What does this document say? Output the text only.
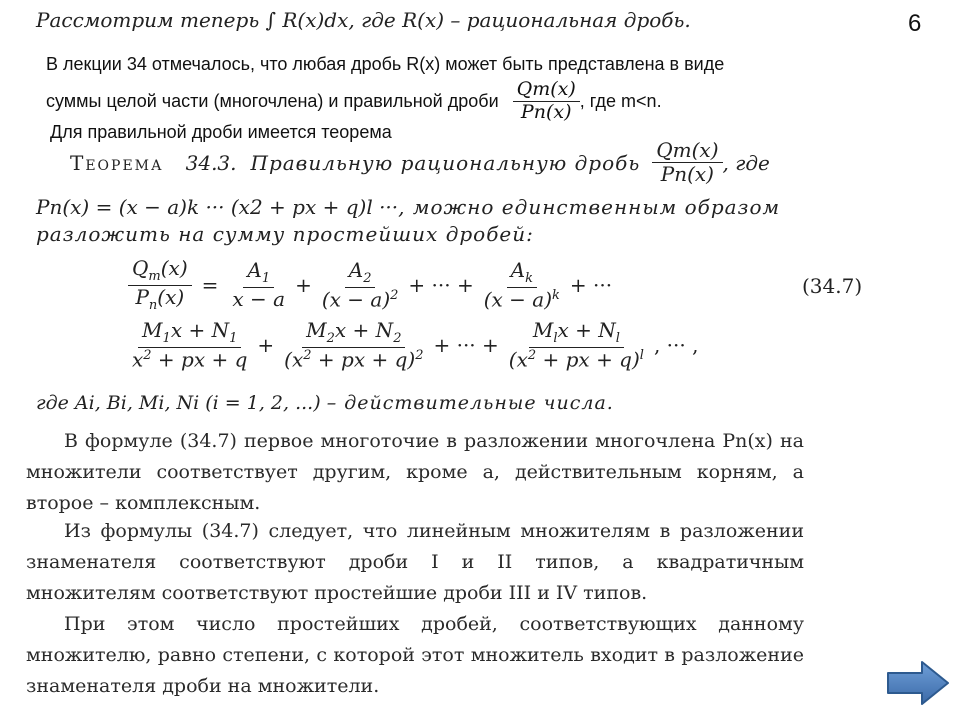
6
Рассмотрим теперь ∫ R(x)dx, где R(x) – рациональная дробь.
В лекции 34 отмечалось, что любая дробь R(x) может быть представлена в виде
суммы целой части (многочлена) и правильной дроби $\frac{Qm(x)}{Pn(x)}$ , где m<n.
Для правильной дроби имеется теорема
Теорема 34.3. Правильную рациональную дробь $\frac{Qm(x)}{Pn(x)}$ , где
Pn(x) = (x − a)k ··· (x2 + px + q)l ···, можно единственным образом
разложить на сумму простейших дробей:
$\frac{Q_m(x)}{P_n(x)} = \frac{A_1}{x - a} + \frac{A_2}{(x - a)^2}$ + ··· + $\frac{A_k}{(x - a)^k}$ + ···	(34.7)
$\frac{M_1x + N_1}{x^2 + px + q} + \frac{M_2x + N_2}{(x^2 + px + q)^2}$ + ··· + $\frac{M_lx + N_l}{(x^2 + px + q)^l}$ , ··· ,
где Ai, Bi, Mi, Ni (i = 1, 2, ...) – действительные числа.
В формуле (34.7) первое многоточие в разложении многочлена Pn(x) на множители соответствует другим, кроме a, действительным корням, а второе – комплексным.
Из формулы (34.7) следует, что линейным множителям в разложении знаменателя соответствуют дроби I и II типов, а квадратичным множителям соответствуют простейшие дроби III и IV типов.
При этом число простейших дробей, соответствующих данному множителю, равно степени, с которой этот множитель входит в разложение знаменателя дроби на множители.
